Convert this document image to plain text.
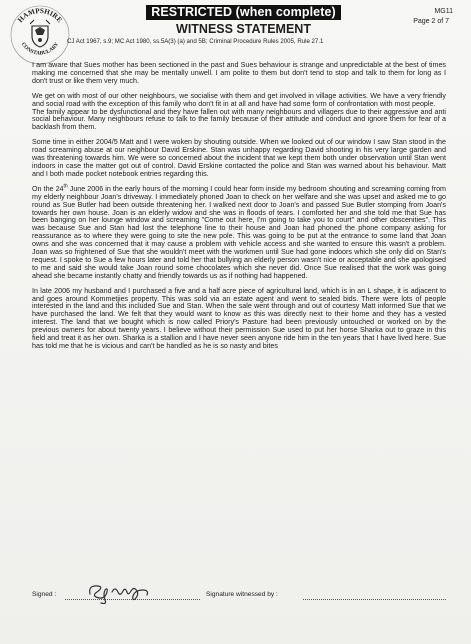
HAMPSHIRE
CONSTABULARY
RESTRICTED (when complete)
WITNESS STATEMENT
MG11
Page 2 of 7
CJ Act 1967, s.9; MC Act 1980, ss.5A(3) (a) and 5B; Criminal Procedure Rules 2005, Rule 27.1

I am aware that Sues mother has been sectioned in the past and Sues behaviour is strange and unpredictable at the best of times making me concerned that she may be mentally unwell. I am polite to them but don't tend to stop and talk to them for long as I don't trust or like them very much.

We get on with most of our other neighbours, we socialise with them and get involved in village activities. We have a very friendly and social road with the exception of this family who don't fit in at all and have had some form of confrontation with most people.

The family appear to be dysfunctional and they have fallen out with many neighbours and villagers due to their aggressive and anti social behaviour. Many neighbours refuse to talk to the family because of their attitude and conduct and ignore them for fear of a backlash from them.

Some time in either 2004/5 Matt and I were woken by shouting outside. When we looked out of our window I saw Stan stood in the road screaming abuse at our neighbour David Erskine. Stan was unhappy regarding David shooting in his very large garden and was threatening towards him. We were so concerned about the incident that we kept them both under observation until Stan went indoors in case the matter got out of control. David Erskine contacted the police and Stan was warned about his behaviour. Matt and I both made pocket notebook entries regarding this.

On the 24th June 2006 in the early hours of the morning I could hear form inside my bedroom shouting and screaming coming from my elderly neighbour Joan's driveway. I immediately phoned Joan to check on her welfare and she was upset and asked me to go round as Sue Butler had been outside threatening her. I walked next door to Joan's and passed Sue Butler stomping from Joan's towards her own house. Joan is an elderly widow and she was in floods of tears. I comforted her and she told me that Sue has been banging on her lounge window and screaming "Come out here, I'm going to take you to court" and other obscenities". This was because Sue and Stan had lost the telephone line to their house and Joan had phoned the phone company asking for reassurance as to where they were going to site the new pole. This was going to be put at the entrance to some land that Joan owns and she was concerned that it may cause a problem with vehicle access and she wanted to ensure this wasn't a problem. Joan was so frightened of Sue that she wouldn't meet with the workmen until Sue had gone indoors which she only did on Stan's request. I spoke to Sue a few hours later and told her that bullying an elderly person wasn't nice or acceptable and she apologised to me and said she would take Joan round some chocolates which she never did. Once Sue realised that the work was going ahead she became instantly chatty and friendly towards us as if nothing had happened.

In late 2006 my husband and I purchased a five and a half acre piece of agricultural land, which is in an L shape, it is adjacent to and goes around Kommetjies property. This was sold via an estate agent and went to sealed bids. There were lots of people interested in the land and this included Sue and Stan. When the sale went through and out of courtesy Matt informed Sue that we have purchased the land. We felt that they would want to know as this was directly next to their home and they has a vested interest. The land that we bought which is now called Priory's Pasture had been previously untouched or worked on by the previous owners for about twenty years. I believe without their permission Sue used to put her horse Sharka out to graze in this field and treat it as her own. Sharka is a stallion and I have never seen anyone ride him in the ten years that I have lived here. Sue has told me that he is vicious and can't be handled as he is so nasty and bites

Signed :	Signature witnessed by :
